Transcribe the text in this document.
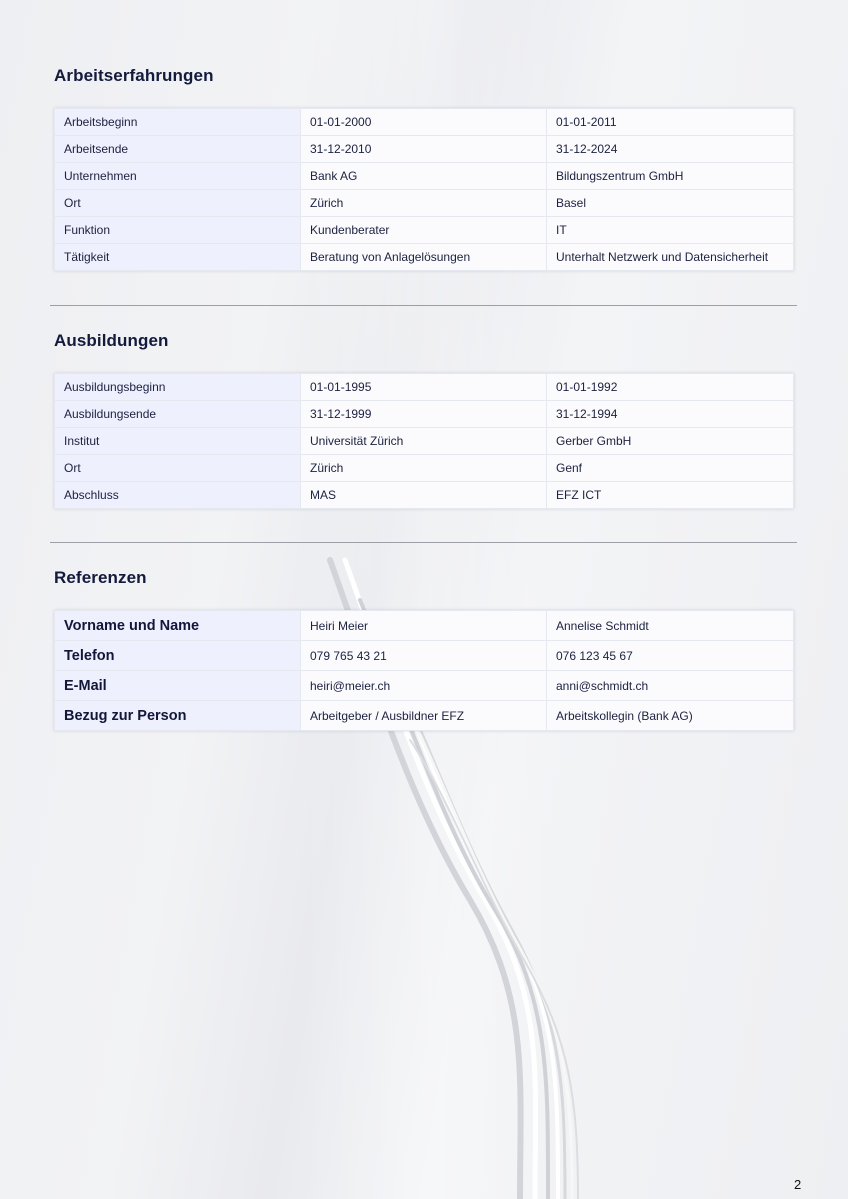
Arbeitserfahrungen
Arbeitsbeginn	01-01-2000	01-01-2011
Arbeitsende	31-12-2010	31-12-2024
Unternehmen	Bank AG	Bildungszentrum GmbH
Ort	Zürich	Basel
Funktion	Kundenberater	IT
Tätigkeit	Beratung von Anlagelösungen	Unterhalt Netzwerk und Datensicherheit
Ausbildungen
Ausbildungsbeginn	01-01-1995	01-01-1992
Ausbildungsende	31-12-1999	31-12-1994
Institut	Universität Zürich	Gerber GmbH
Ort	Zürich	Genf
Abschluss	MAS	EFZ ICT
Referenzen
Vorname und Name	Heiri Meier	Annelise Schmidt
Telefon	079 765 43 21	076 123 45 67
E-Mail	heiri@meier.ch	anni@schmidt.ch
Bezug zur Person	Arbeitgeber / Ausbildner EFZ	Arbeitskollegin (Bank AG)
2
